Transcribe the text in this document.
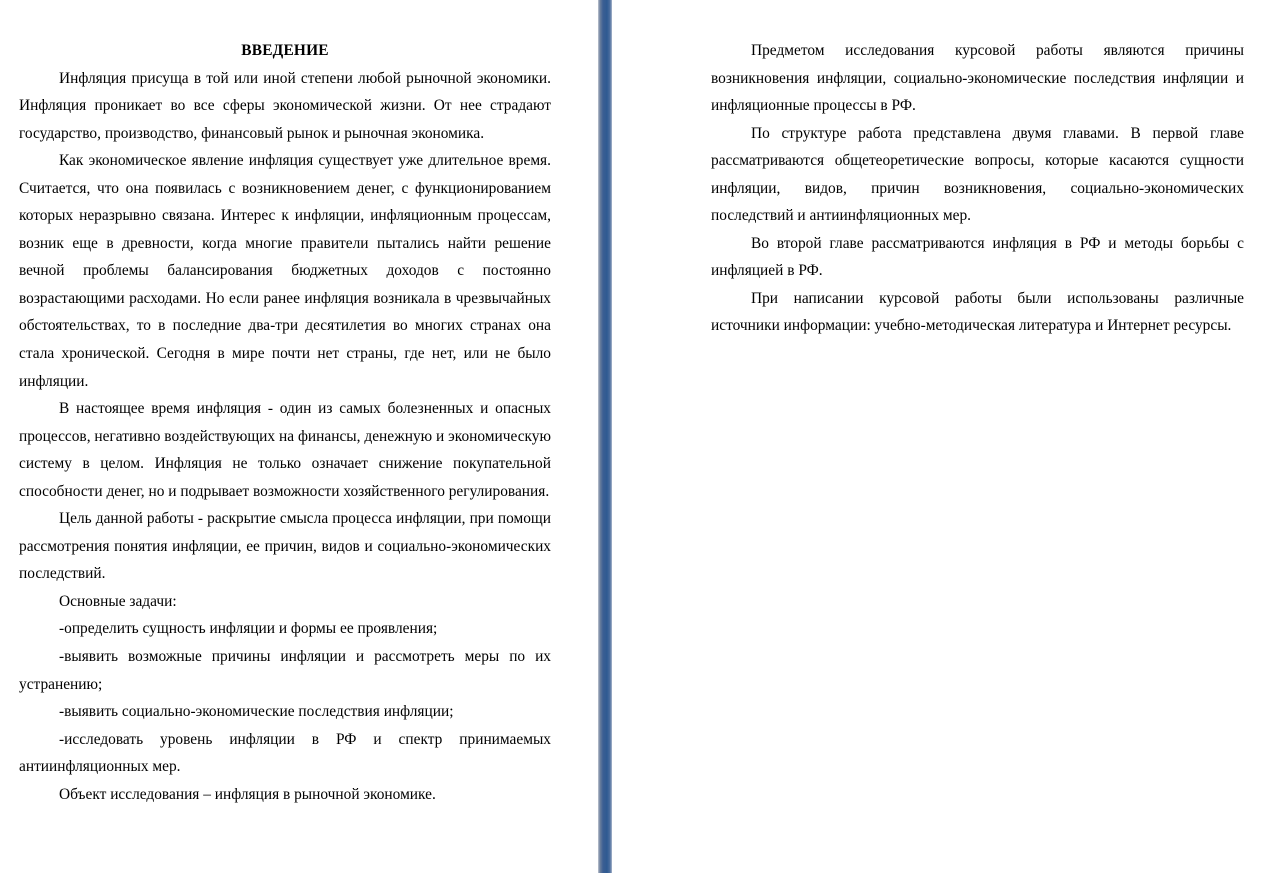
ВВЕДЕНИЕ

Инфляция присуща в той или иной степени любой рыночной экономики. Инфляция проникает во все сферы экономической жизни. От нее страдают государство, производство, финансовый рынок и рыночная экономика.

Как экономическое явление инфляция существует уже длительное время. Считается, что она появилась с возникновением денег, с функционированием которых неразрывно связана. Интерес к инфляции, инфляционным процессам, возник еще в древности, когда многие правители пытались найти решение вечной проблемы балансирования бюджетных доходов с постоянно возрастающими расходами. Но если ранее инфляция возникала в чрезвычайных обстоятельствах, то в последние два-три десятилетия во многих странах она стала хронической. Сегодня в мире почти нет страны, где нет, или не было инфляции.

В настоящее время инфляция - один из самых болезненных и опасных процессов, негативно воздействующих на финансы, денежную и экономическую систему в целом. Инфляция не только означает снижение покупательной способности денег, но и подрывает возможности хозяйственного регулирования.

Цель данной работы - раскрытие смысла процесса инфляции, при помощи рассмотрения понятия инфляции, ее причин, видов и социально-экономических последствий.

Основные задачи:

-определить сущность инфляции и формы ее проявления;

-выявить возможные причины инфляции и рассмотреть меры по их устранению;

-выявить социально-экономические последствия инфляции;

-исследовать уровень инфляции в РФ и спектр принимаемых антиинфляционных мер.

Объект исследования – инфляция в рыночной экономике.

Предметом исследования курсовой работы являются причины возникновения инфляции, социально-экономические последствия инфляции и инфляционные процессы в РФ.

По структуре работа представлена двумя главами. В первой главе рассматриваются общетеоретические вопросы, которые касаются сущности инфляции, видов, причин возникновения, социально-экономических последствий и антиинфляционных мер.

Во второй главе рассматриваются инфляция в РФ и методы борьбы с инфляцией в РФ.

При написании курсовой работы были использованы различные источники информации: учебно-методическая литература и Интернет ресурсы.
